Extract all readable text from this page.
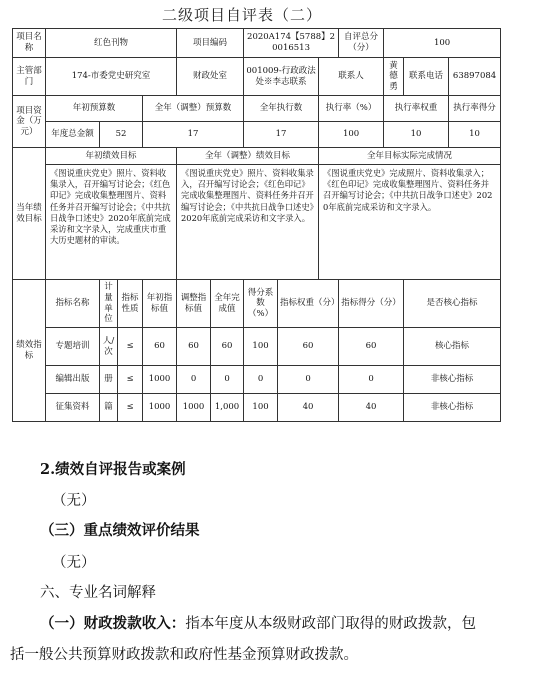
二级项目自评表（二）
项目名称	红色刊物				项目编码		2020A174【5788】20016513			自评总分（分）	100		
主管部门	174-市委党史研究室				财政处室		001009-行政政法处※李志联系		联系人		黄德勇	联系电话	63897084
项目资金（万元）	年初预算数			全年（调整）预算数			全年执行数		执行率（%）		执行率权重		执行率得分
	年度总金额	52		17			17		100		10		10
当年绩效目标	年初绩效目标				全年（调整）绩效目标				全年目标实际完成情况				
	《图说重庆党史》照片、资料收集录入，召开编写讨论会；《红色印记》完成收集整理图片、资料任务并召开编写讨论会；《中共抗日战争口述史》2020年底前完成采访和文字录入，完成重庆市重大历史题材的审读。				《图说重庆党史》照片、资料收集录入，召开编写讨论会；《红色印记》完成收集整理图片、资料任务并召开编写讨论会；《中共抗日战争口述史》2020年底前完成采访和文字录入。				《图说重庆党史》完成照片、资料收集录入；《红色印记》完成收集整理图片、资料任务并召开编写讨论会；《中共抗日战争口述史》2020年底前完成采访和文字录入。				
绩效指标	指标名称	计量单位	指标性质	年初指标值	调整指标值	全年完成值	得分系数（%）	指标权重（分）		指标得分（分）		是否核心指标	
	专题培训	人/次	≤	60	60	60	100	60		60		核心指标	
	编辑出版	册	≤	1000	0	0	0	0		0		非核心指标	
	征集资料	篇	≤	1000	1000	1,000	100	40		40		非核心指标	
2.绩效自评报告或案例
（无）
（三）重点绩效评价结果
（无）
六、专业名词解释
（一）财政拨款收入：指本年度从本级财政部门取得的财政拨款，包括一般公共预算财政拨款和政府性基金预算财政拨款。
